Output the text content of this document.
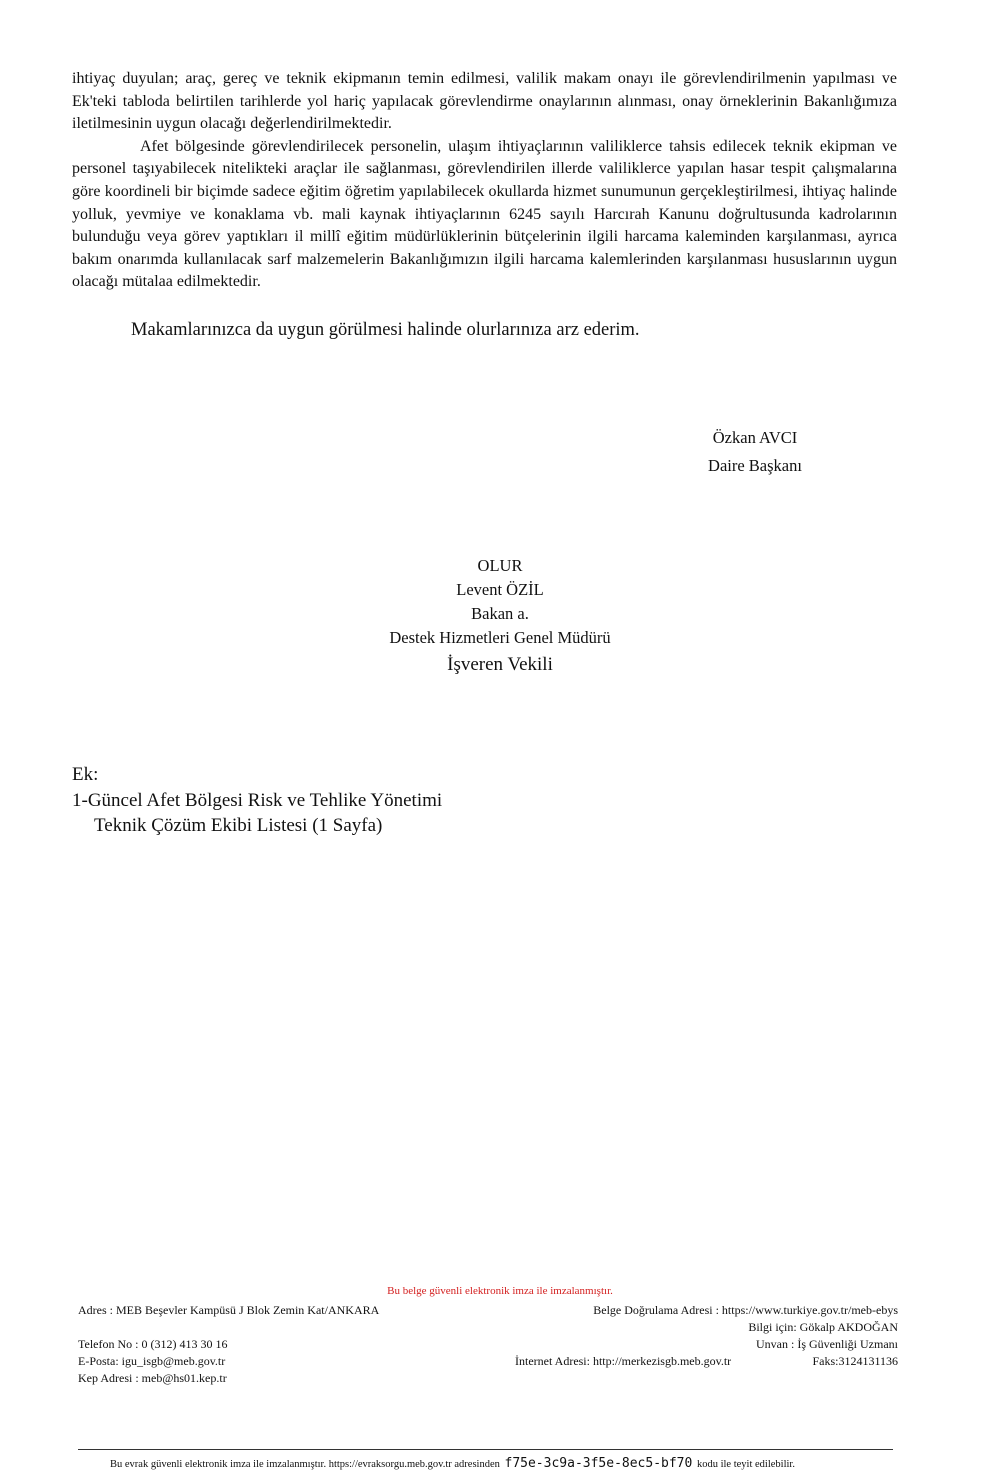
ihtiyaç duyulan; araç, gereç ve teknik ekipmanın temin edilmesi, valilik makam onayı ile görevlendirilmenin yapılması ve Ek'teki tabloda belirtilen tarihlerde yol hariç yapılacak görevlendirme onaylarının alınması, onay örneklerinin Bakanlığımıza iletilmesinin uygun olacağı değerlendirilmektedir.

Afet bölgesinde görevlendirilecek personelin, ulaşım ihtiyaçlarının valiliklerce tahsis edilecek teknik ekipman ve personel taşıyabilecek nitelikteki araçlar ile sağlanması, görevlendirilen illerde valiliklerce yapılan hasar tespit çalışmalarına göre koordineli bir biçimde sadece eğitim öğretim yapılabilecek okullarda hizmet sunumunun gerçekleştirilmesi, ihtiyaç halinde yolluk, yevmiye ve konaklama vb. mali kaynak ihtiyaçlarının 6245 sayılı Harcırah Kanunu doğrultusunda kadrolarının bulunduğu veya görev yaptıkları il millî eğitim müdürlüklerinin bütçelerinin ilgili harcama kaleminden karşılanması, ayrıca bakım onarımda kullanılacak sarf malzemelerin Bakanlığımızın ilgili harcama kalemlerinden karşılanması hususlarının uygun olacağı mütalaa edilmektedir.

Makamlarınızca da uygun görülmesi halinde olurlarınıza arz ederim.
Özkan AVCI
Daire Başkanı
OLUR
Levent ÖZİL
Bakan a.
Destek Hizmetleri Genel Müdürü
İşveren Vekili
Ek:
1-Güncel Afet Bölgesi Risk ve Tehlike Yönetimi
Teknik Çözüm Ekibi Listesi (1 Sayfa)
Bu belge güvenli elektronik imza ile imzalanmıştır.
Adres : MEB Beşevler Kampüsü J Blok Zemin Kat/ANKARA	Belge Doğrulama Adresi : https://www.turkiye.gov.tr/meb-ebys
Bilgi için: Gökalp AKDOĞAN
Telefon No : 0 (312) 413 30 16	Unvan : İş Güvenliği Uzmanı
E-Posta: igu_isgb@meb.gov.tr	İnternet Adresi: http://merkezisgb.meb.gov.tr	Faks:3124131136
Kep Adresi : meb@hs01.kep.tr
Bu evrak güvenli elektronik imza ile imzalanmıştır. https://evraksorgu.meb.gov.tr adresinden f75e-3c9a-3f5e-8ec5-bf70 kodu ile teyit edilebilir.
